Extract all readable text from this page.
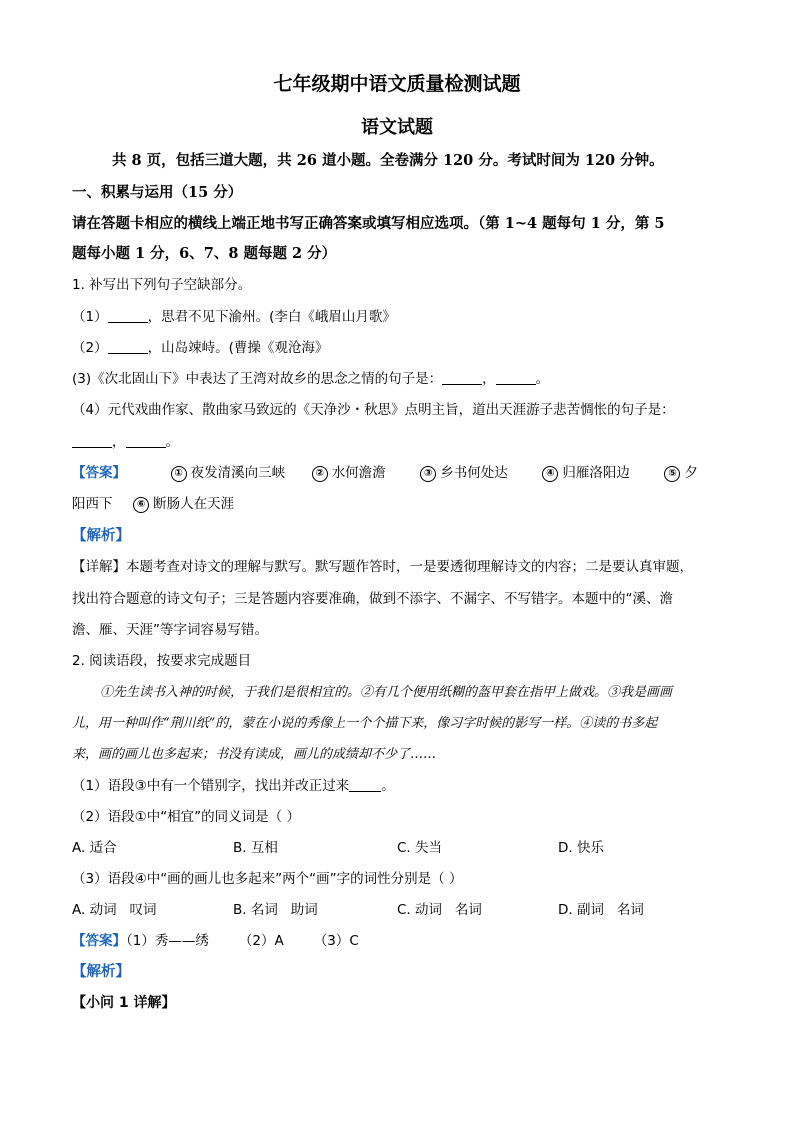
七年级期中语文质量检测试题
语文试题
共 8 页，包括三道大题，共 26 道小题。全卷满分 120 分。考试时间为 120 分钟。
一、积累与运用（15 分）
请在答题卡相应的横线上端正地书写正确答案或填写相应选项。（第 1~4 题每句 1 分，第 5
题每小题 1 分，6、7、8 题每题 2 分）
1. 补写出下列句子空缺部分。
（1）	，思君不见下渝州。(李白《峨眉山月歌》
（2）	，山岛竦峙。(曹操《观沧海》
(3)《次北固山下》中表达了王湾对故乡的思念之情的句子是：	，	。
（4）元代戏曲作家、散曲家马致远的《天净沙・秋思》点明主旨，道出天涯游子悲苦惆怅的句子是：
，	。
【答案】	① 夜发清溪向三峡	② 水何澹澹	③ 乡书何处达	④ 归雁洛阳边	⑤ 夕
阳西下 ⑥ 断肠人在天涯
【解析】
【详解】本题考查对诗文的理解与默写。默写题作答时，一是要透彻理解诗文的内容；二是要认真审题，
找出符合题意的诗文句子；三是答题内容要准确，做到不添字、不漏字、不写错字。本题中的“溪、澹
澹、雁、天涯”等字词容易写错。
2. 阅读语段，按要求完成题目
①先生读书入神的时候，于我们是很相宜的。②有几个便用纸糊的盔甲套在指甲上做戏。③我是画画
儿，用一种叫作“荆川纸”的，蒙在小说的秀像上一个个描下来，像习字时候的影写一样。④读的书多起
来，画的画儿也多起来；书没有读成，画儿的成绩却不少了……
（1）语段③中有一个错别字，找出并改正过来 。
（2）语段①中“相宜”的同义词是（ ）
A. 适合	B. 互相	C. 失当	D. 快乐
（3）语段④中“画的画儿也多起来”两个“画”字的词性分别是（ ）
A. 动词   叹词	B. 名词   助词	C. 动词   名词	D. 副词   名词
【答案】（1）秀——绣       （2）A       （3）C
【解析】
【小问 1 详解】
